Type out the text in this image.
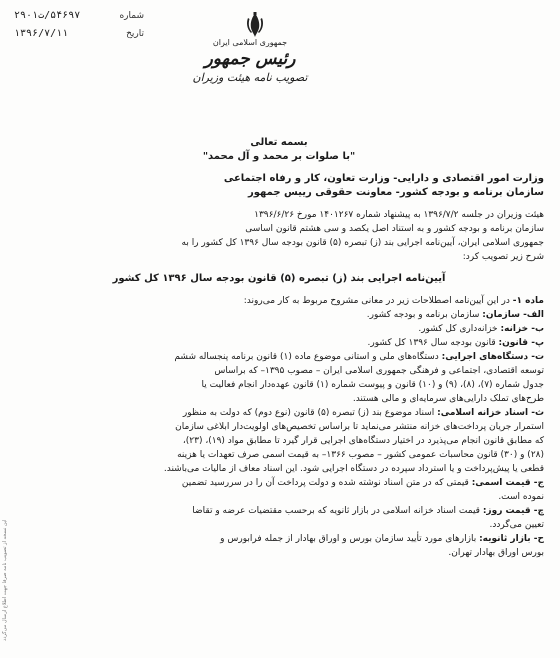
شماره
۵۴۶۹۷/ت۲۹۰۱
تاریخ
۱۳۹۶/۷/۱۱
جمهوری اسلامی ایران
رئیس جمهور
تصویب نامه هیئت وزیران
بسمه تعالی
"با صلوات بر محمد و آل محمد"
وزارت امور اقتصادی و دارایی- وزارت تعاون، کار و رفاه اجتماعی
سازمان برنامه و بودجه کشور- معاونت حقوقی رییس جمهور
هیئت وزیران در جلسه ۱۳۹۶/۷/۲ به پیشنهاد شماره ۱۴۰۱۲۶۷ مورخ ۱۳۹۶/۶/۲۶
سازمان برنامه و بودجه کشور و به استناد اصل یکصد و سی هشتم قانون اساسی
جمهوری اسلامی ایران، آیین‌نامه اجرایی بند (ز) تبصره (۵) قانون بودجه سال ۱۳۹۶ کل کشور را به
شرح زیر تصویب کرد:
آیین‌نامه اجرایی بند (ز) تبصره (۵) قانون بودجه سال ۱۳۹۶ کل کشور
ماده ۱- در این آیین‌نامه اصطلاحات زیر در معانی مشروح مربوط به کار می‌روند:
الف- سازمان: سازمان برنامه و بودجه کشور.
ب- خزانه: خزانه‌داری کل کشور.
پ- قانون: قانون بودجه سال ۱۳۹۶ کل کشور.
ت- دستگاه‌های اجرایی: دستگاه‌های ملی و استانی موضوع ماده (۱) قانون برنامه پنجساله ششم
توسعه اقتصادی، اجتماعی و فرهنگی جمهوری اسلامی ایران – مصوب ۱۳۹۵– که براساس
جدول شماره (۷)، (۸)، (۹) و (۱۰) قانون و پیوست شماره (۱) قانون عهده‌دار انجام فعالیت یا
طرح‌های تملک دارایی‌های سرمایه‌ای و مالی هستند.
ث- اسناد خزانه اسلامی: اسناد موضوع بند (ز) تبصره (۵) قانون (نوع دوم) که دولت به منظور
استمرار جریان پرداخت‌های خزانه منتشر می‌نماید تا براساس تخصیص‌های اولویت‌دار ابلاغی سازمان
که مطابق قانون انجام می‌پذیرد در اختیار دستگاه‌های اجرایی قرار گیرد تا مطابق مواد (۱۹)، (۲۳)،
(۲۸) و (۳۰) قانون محاسبات عمومی کشور – مصوب ۱۳۶۶– به قیمت اسمی صرف تعهدات یا هزینه
قطعی یا پیش‌پرداخت و یا استرداد سپرده در دستگاه اجرایی شود. این اسناد معاف از مالیات می‌باشند.
ج- قیمت اسمی: قیمتی که در متن اسناد نوشته شده و دولت پرداخت آن را در سررسید تضمین
نموده است.
چ- قیمت روز: قیمت اسناد خزانه اسلامی در بازار ثانویه که برحسب مقتضیات عرضه و تقاضا
تعیین می‌گردد.
ح- بازار ثانویه: بازارهای مورد تأیید سازمان بورس و اوراق بهادار از جمله فرابورس و
بورس اوراق بهادار تهران.
این نسخه از تصویب نامه صرفاً جهت اطلاع ارسال می‌گردد
